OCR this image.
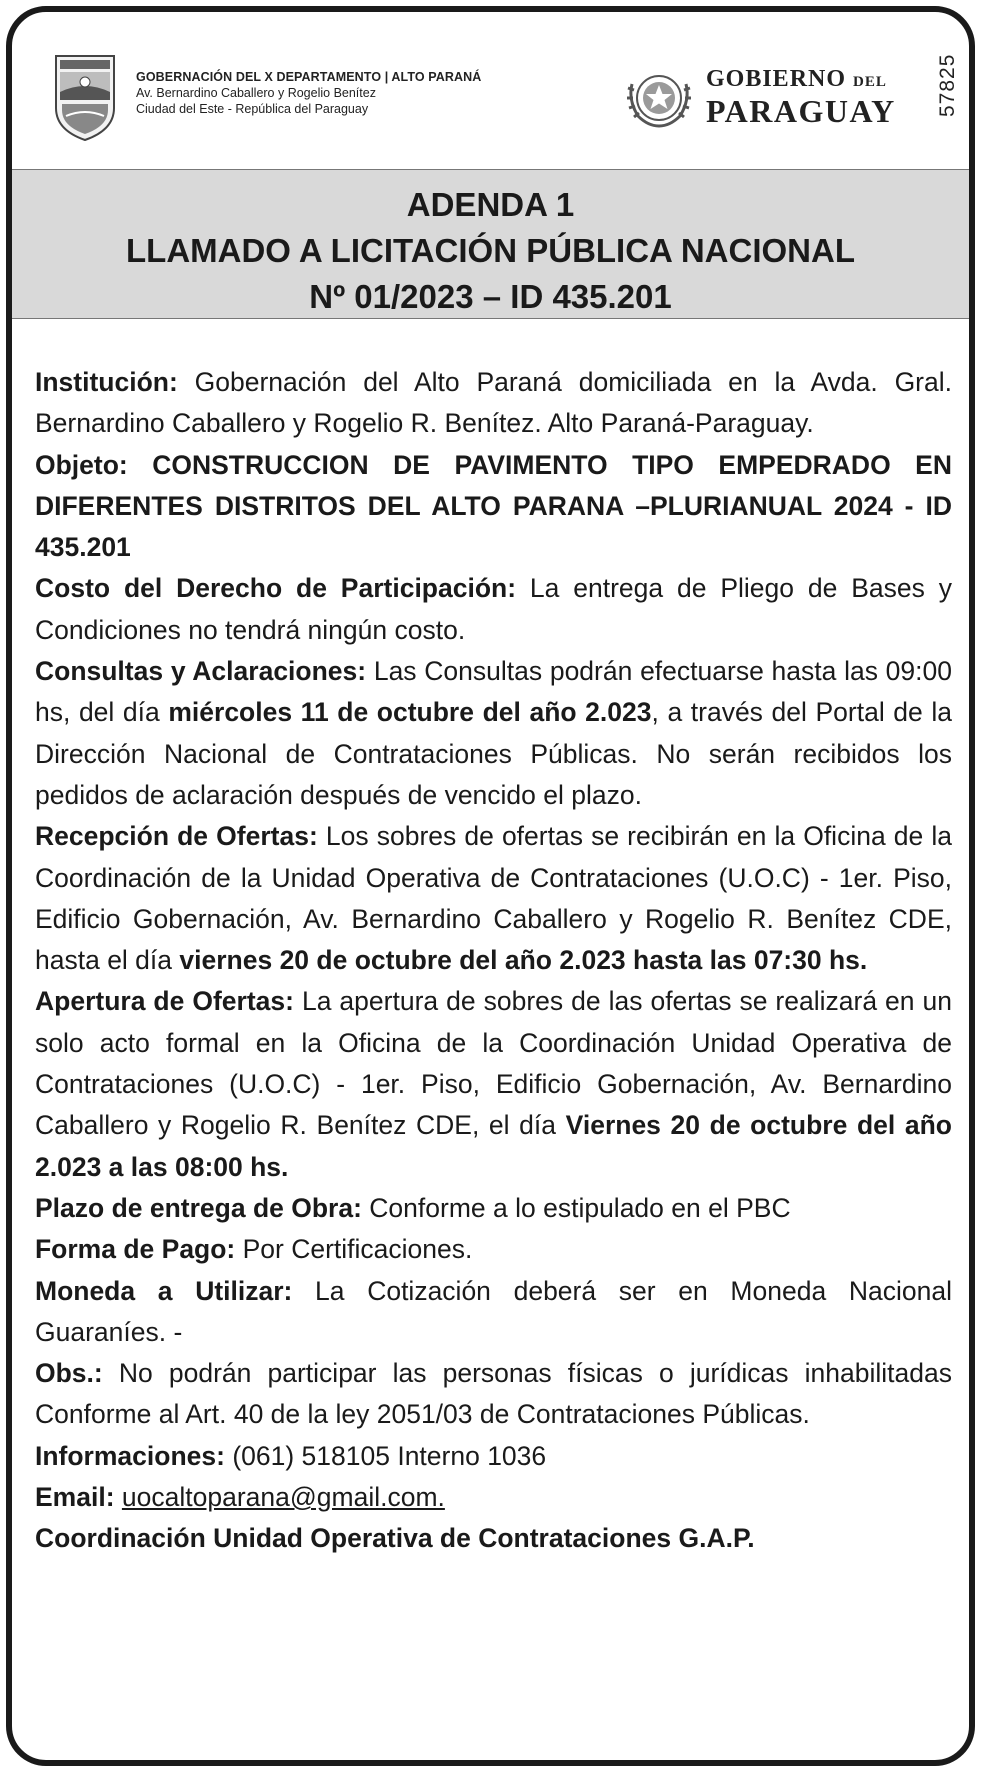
GOBERNACIÓN DEL X DEPARTAMENTO | ALTO PARANÁ
Av. Bernardino Caballero y Rogelio Benítez
Ciudad del Este - República del Paraguay
GOBIERNO DEL
PARAGUAY 57825
ADENDA 1
LLAMADO A LICITACIÓN PÚBLICA NACIONAL
Nº 01/2023 – ID 435.201

Institución: Gobernación del Alto Paraná domiciliada en la Avda. Gral. Bernardino Caballero y Rogelio R. Benítez. Alto Paraná-Paraguay.

Objeto: CONSTRUCCION DE PAVIMENTO TIPO EMPEDRADO EN DIFERENTES DISTRITOS DEL ALTO PARANA –PLURIANUAL 2024 - ID 435.201

Costo del Derecho de Participación: La entrega de Pliego de Bases y Condiciones no tendrá ningún costo.

Consultas y Aclaraciones: Las Consultas podrán efectuarse hasta las 09:00 hs, del día miércoles 11 de octubre del año 2.023, a través del Portal de la Dirección Nacional de Contrataciones Públicas. No serán recibidos los pedidos de aclaración después de vencido el plazo.

Recepción de Ofertas: Los sobres de ofertas se recibirán en la Oficina de la Coordinación de la Unidad Operativa de Contrataciones (U.O.C) - 1er. Piso, Edificio Gobernación, Av. Bernardino Caballero y Rogelio R. Benítez CDE, hasta el día viernes 20 de octubre del año 2.023 hasta las 07:30 hs.

Apertura de Ofertas: La apertura de sobres de las ofertas se realizará en un solo acto formal en la Oficina de la Coordinación Unidad Operativa de Contrataciones (U.O.C) - 1er. Piso, Edificio Gobernación, Av. Bernardino Caballero y Rogelio R. Benítez CDE, el día Viernes 20 de octubre del año 2.023 a las 08:00 hs.

Plazo de entrega de Obra: Conforme a lo estipulado en el PBC

Forma de Pago: Por Certificaciones.

Moneda a Utilizar: La Cotización deberá ser en Moneda Nacional Guaraníes. -

Obs.: No podrán participar las personas físicas o jurídicas inhabilitadas Conforme al Art. 40 de la ley 2051/03 de Contrataciones Públicas.

Informaciones: (061) 518105 Interno 1036

Email: uocaltoparana@gmail.com.

Coordinación Unidad Operativa de Contrataciones G.A.P.
